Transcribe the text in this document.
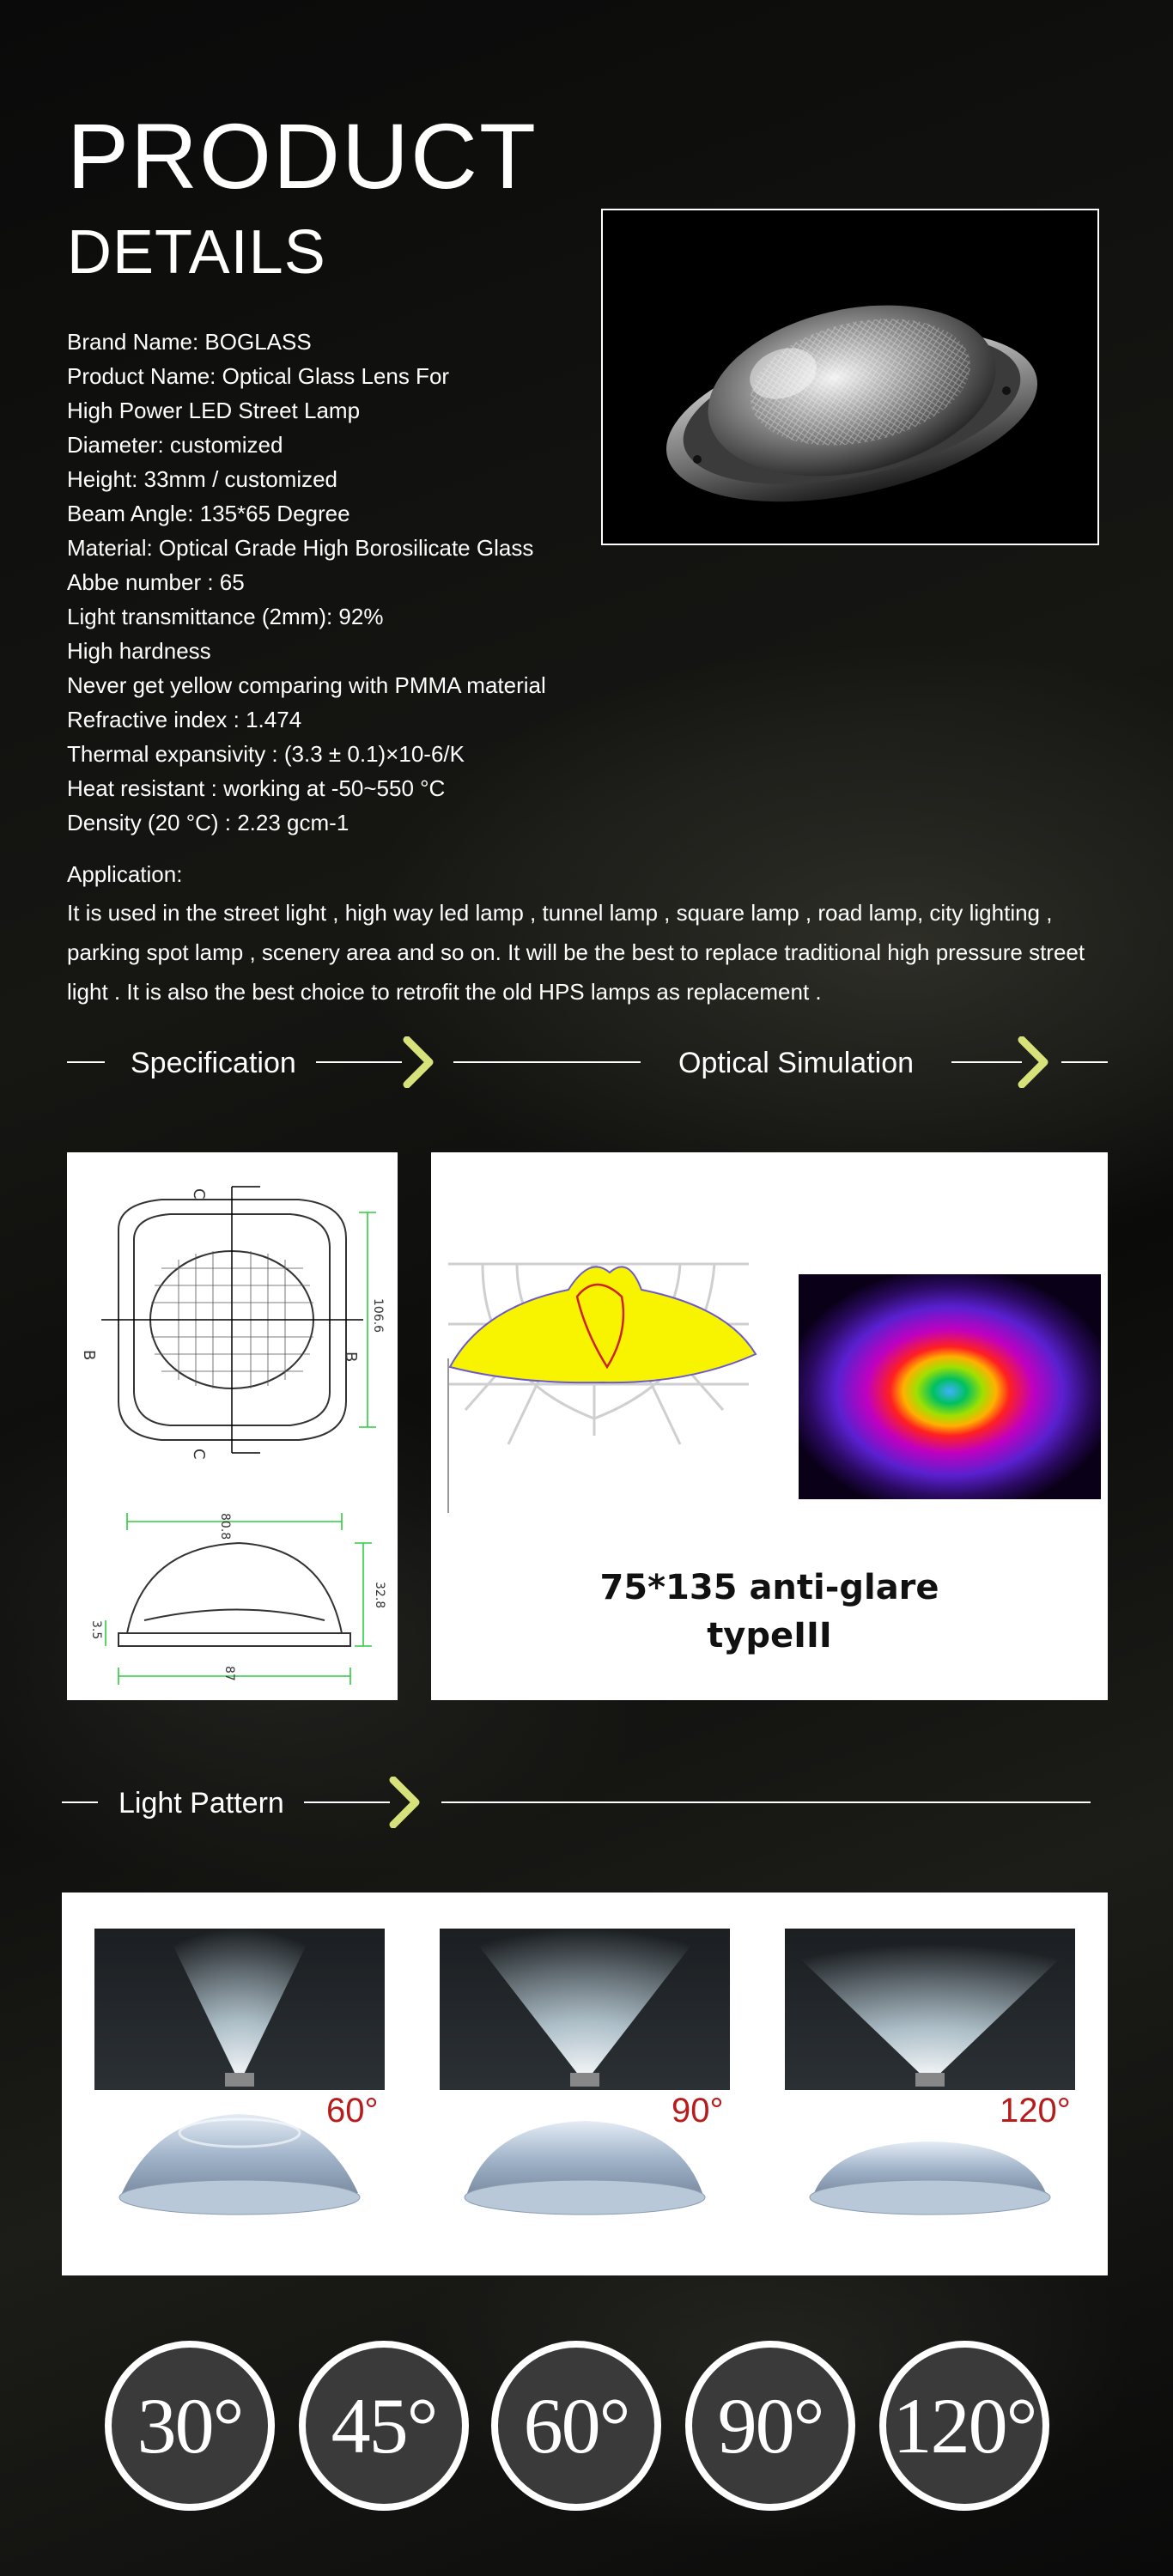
PRODUCT
DETAILS
Brand Name: BOGLASS
Product Name: Optical Glass Lens For
High Power LED Street Lamp
Diameter: customized
Height: 33mm / customized
Beam Angle: 135*65 Degree
Material: Optical Grade High Borosilicate Glass
Abbe number : 65
Light transmittance (2mm): 92%
High hardness
Never get yellow comparing with PMMA material
Refractive index : 1.474
Thermal expansivity : (3.3 ± 0.1)×10-6/K
Heat resistant : working at -50~550 °C
Density (20 °C) : 2.23 gcm-1
Application:
It is used in the street light , high way led lamp , tunnel lamp , square lamp , road lamp, city lighting ,
parking spot lamp , scenery area and so on. It will be the best to replace traditional high pressure street
light . It is also the best choice to retrofit the old HPS lamps as replacement .
Specification	Optical Simulation
C
C
B	B
106.6
80.8
32.8
3.5
87
75*135 anti-glare
typeIII
Light Pattern
60°	90°	120°
30° 45° 60° 90° 120°
